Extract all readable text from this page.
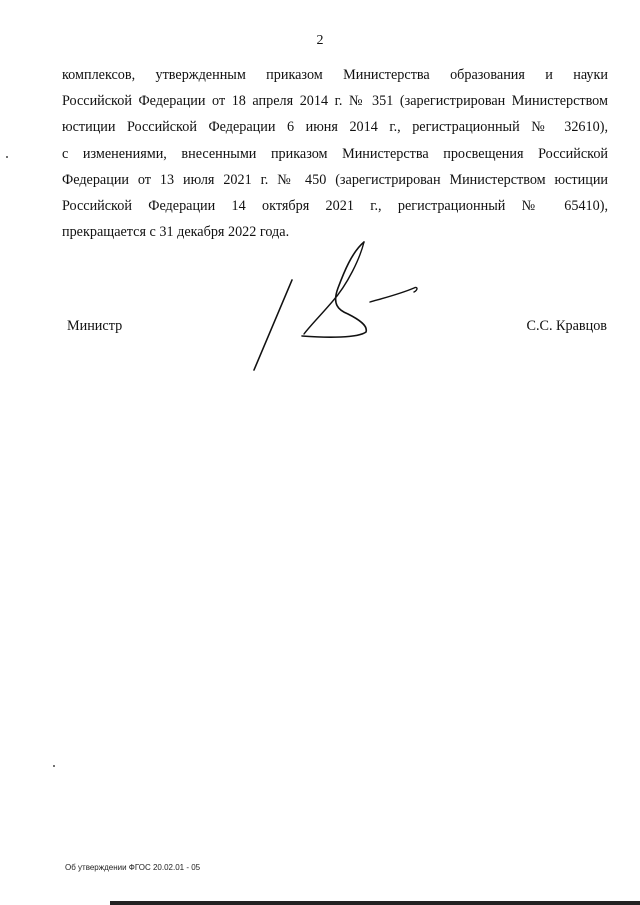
2

комплексов, утвержденным приказом Министерства образования и науки
Российской Федерации от 18 апреля 2014 г. № 351 (зарегистрирован Министерством
юстиции Российской Федерации 6 июня 2014 г., регистрационный № 32610),
с изменениями, внесенными приказом Министерства просвещения Российской
Федерации от 13 июля 2021 г. № 450 (зарегистрирован Министерством юстиции
Российской Федерации 14 октября 2021 г., регистрационный № 65410),
прекращается с 31 декабря 2022 года.

Министр	С.С. Кравцов
Об утверждении ФГОС 20.02.01 - 05
